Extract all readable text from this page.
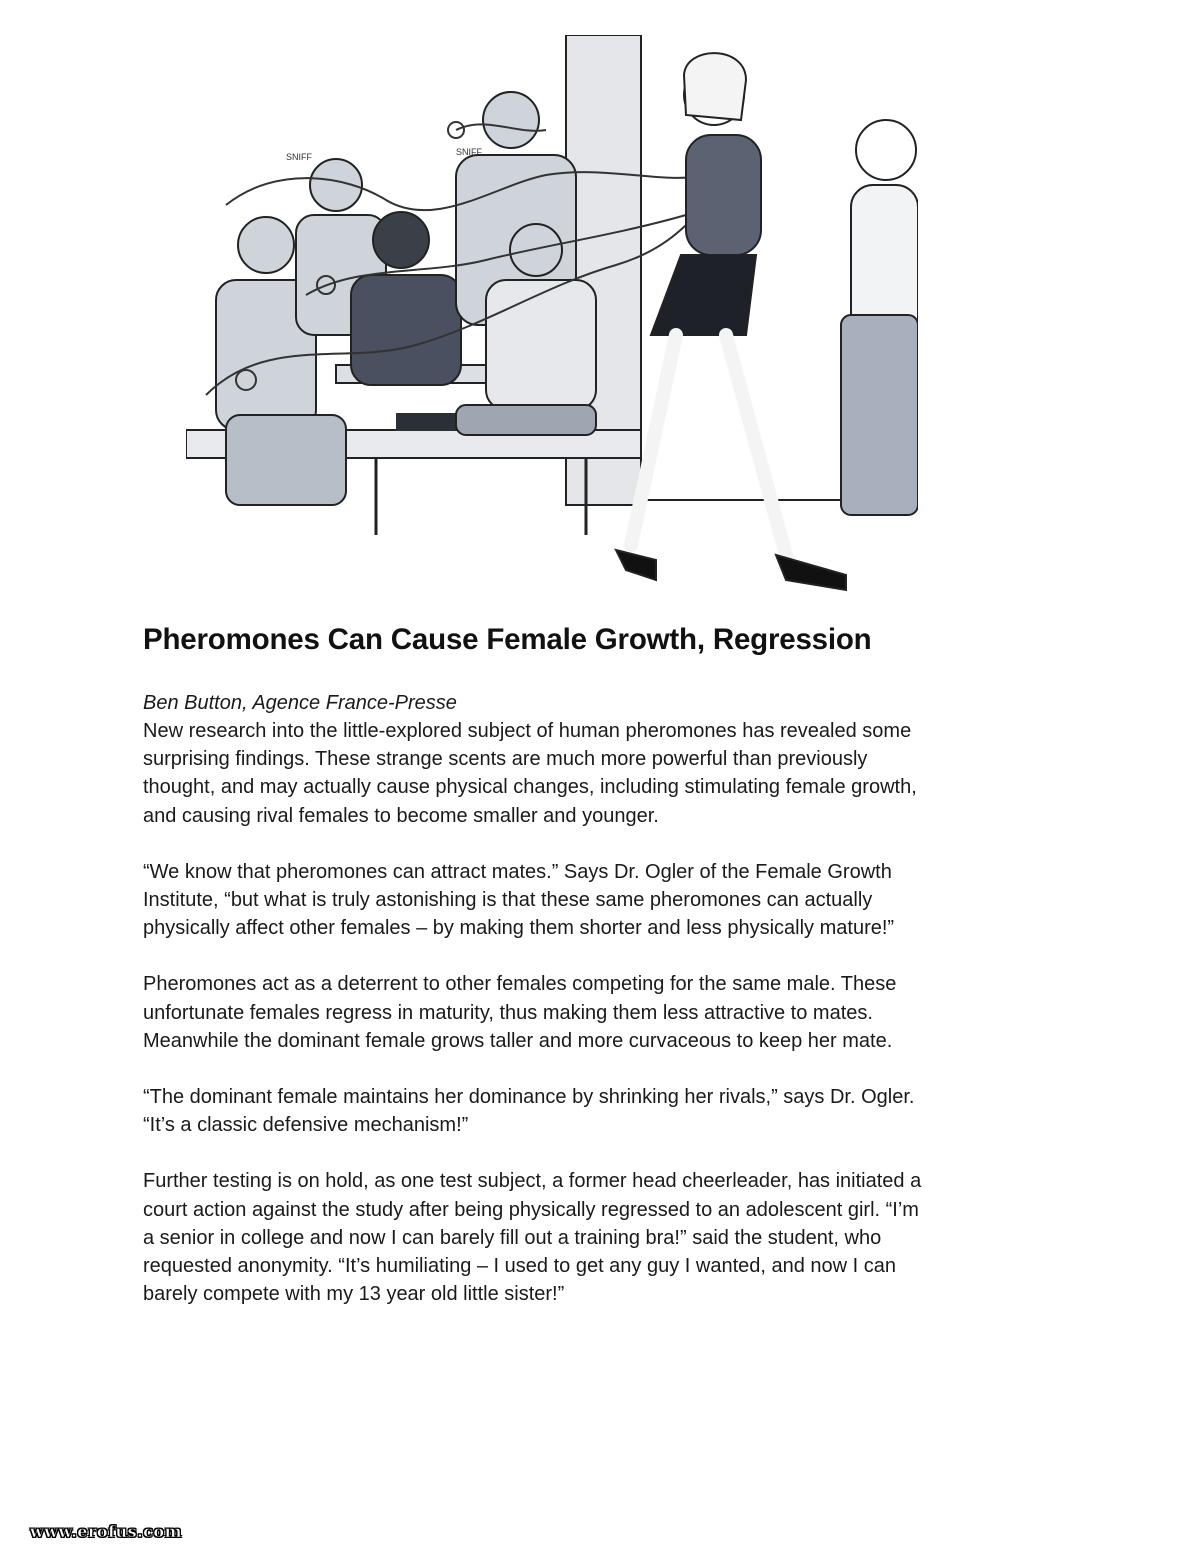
SNIFF	SNIFF
Pheromones Can Cause Female Growth, Regression

Ben Button, Agence France-Presse

New research into the little-explored subject of human pheromones has revealed some
surprising findings. These strange scents are much more powerful than previously
thought, and may actually cause physical changes, including stimulating female growth,
and causing rival females to become smaller and younger.

“We know that pheromones can attract mates.” Says Dr. Ogler of the Female Growth
Institute, “but what is truly astonishing is that these same pheromones can actually
physically affect other females – by making them shorter and less physically mature!”

Pheromones act as a deterrent to other females competing for the same male. These
unfortunate females regress in maturity, thus making them less attractive to mates.
Meanwhile the dominant female grows taller and more curvaceous to keep her mate.

“The dominant female maintains her dominance by shrinking her rivals,” says Dr. Ogler.
“It’s a classic defensive mechanism!”

Further testing is on hold, as one test subject, a former head cheerleader, has initiated a
court action against the study after being physically regressed to an adolescent girl. “I’m
a senior in college and now I can barely fill out a training bra!” said the student, who
requested anonymity. “It’s humiliating – I used to get any guy I wanted, and now I can
barely compete with my 13 year old little sister!”

www.erofus.com
